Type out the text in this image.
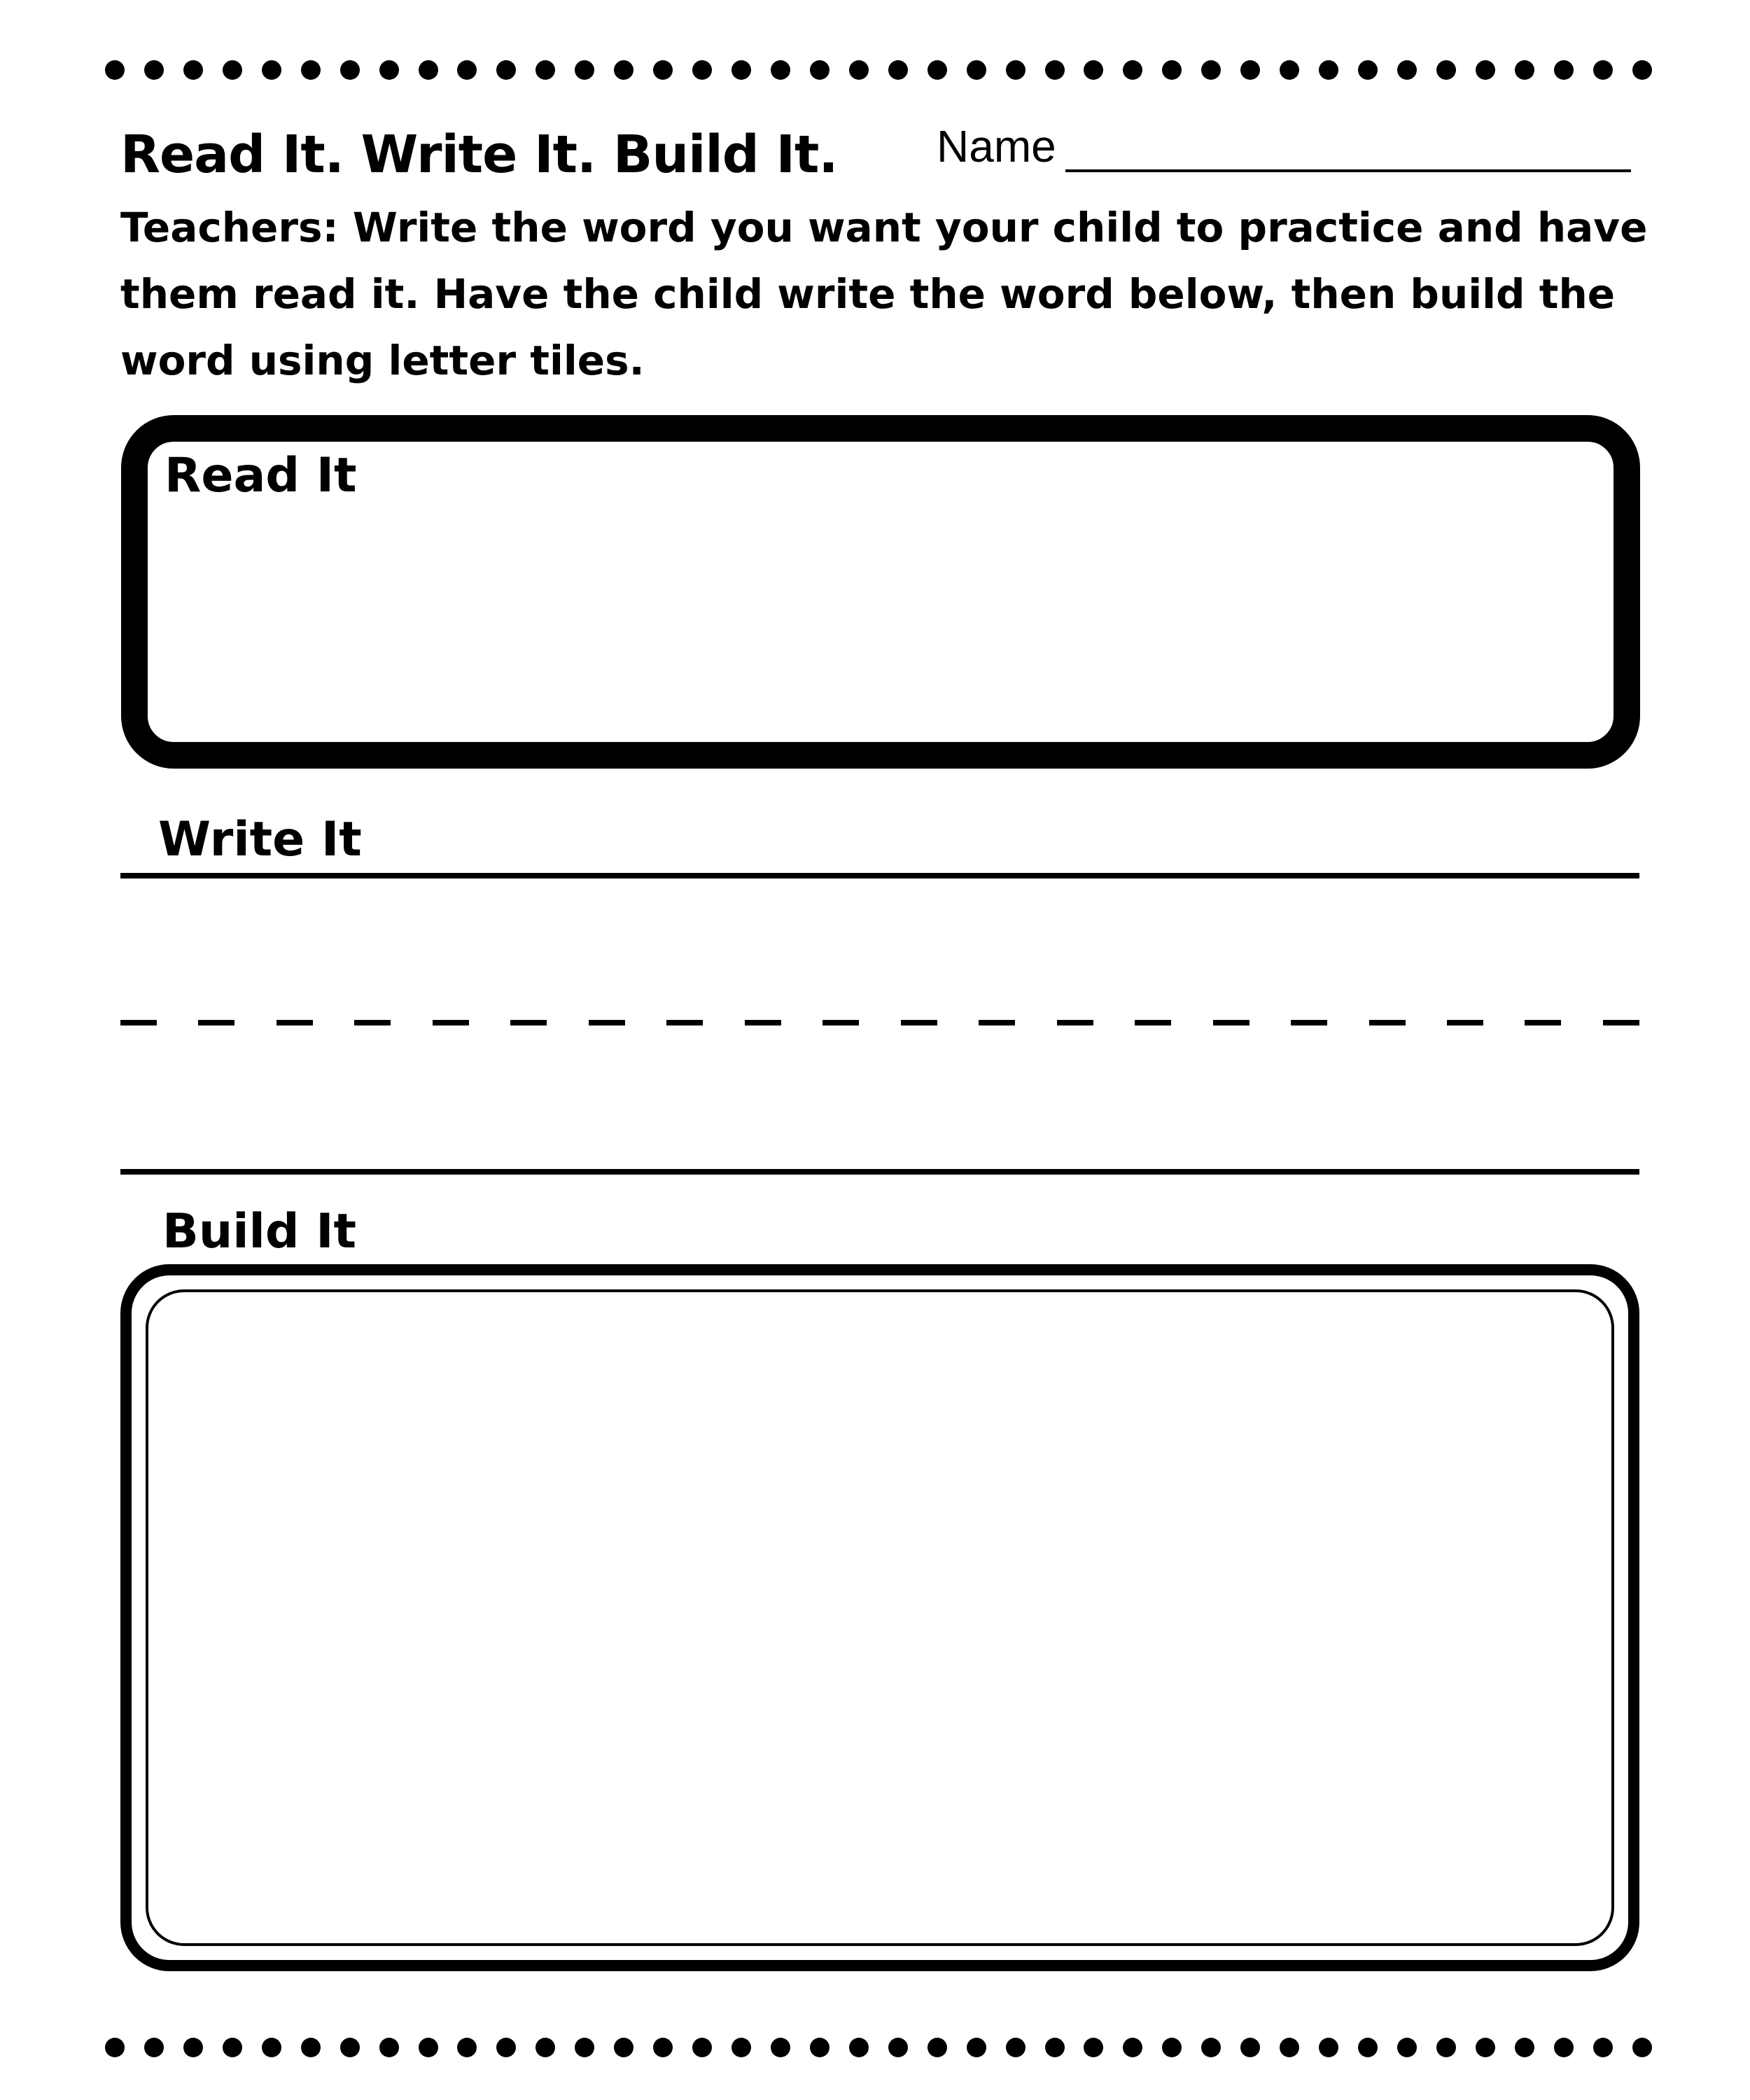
Read It. Write It. Build It. Name

Teachers: Write the word you want your child to practice and have them read it. Have the child write the word below, then build the word using letter tiles.

Read It
Write It
Build It
